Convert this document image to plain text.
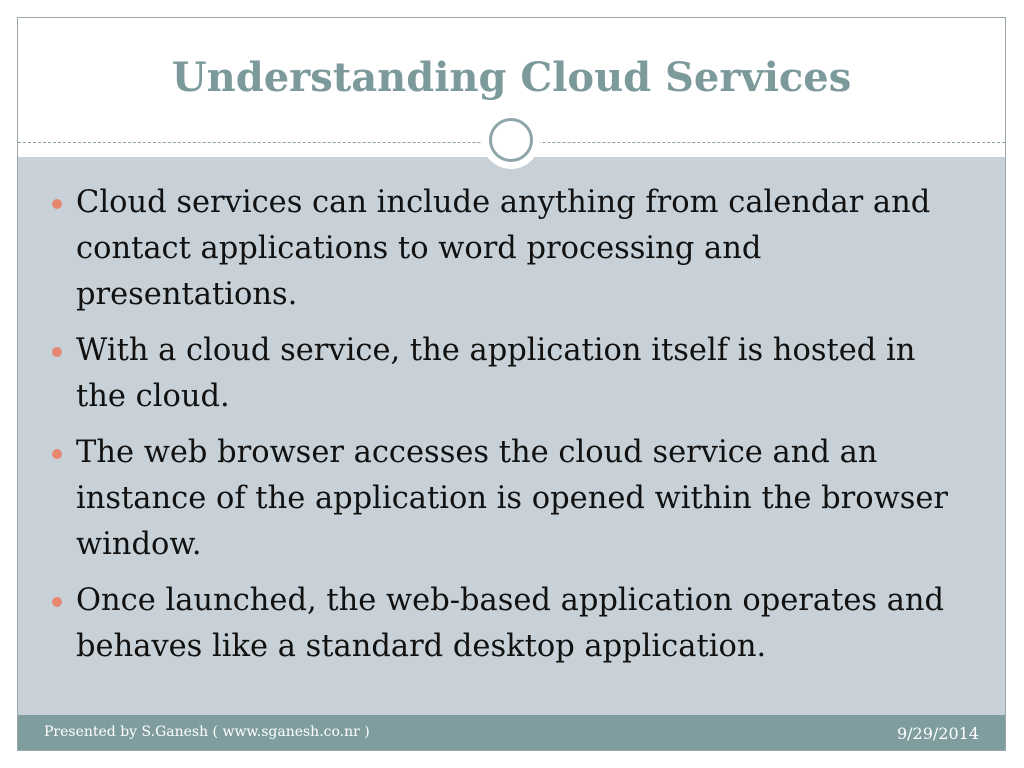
Understanding Cloud Services
Cloud services can include anything from calendar and contact applications to word processing and presentations.
With a cloud service, the application itself is hosted in the cloud.
The web browser accesses the cloud service and an instance of the application is opened within the browser window.
Once launched, the web-based application operates and behaves like a standard desktop application.
Presented by S.Ganesh ( www.sganesh.co.nr )	9/29/2014
